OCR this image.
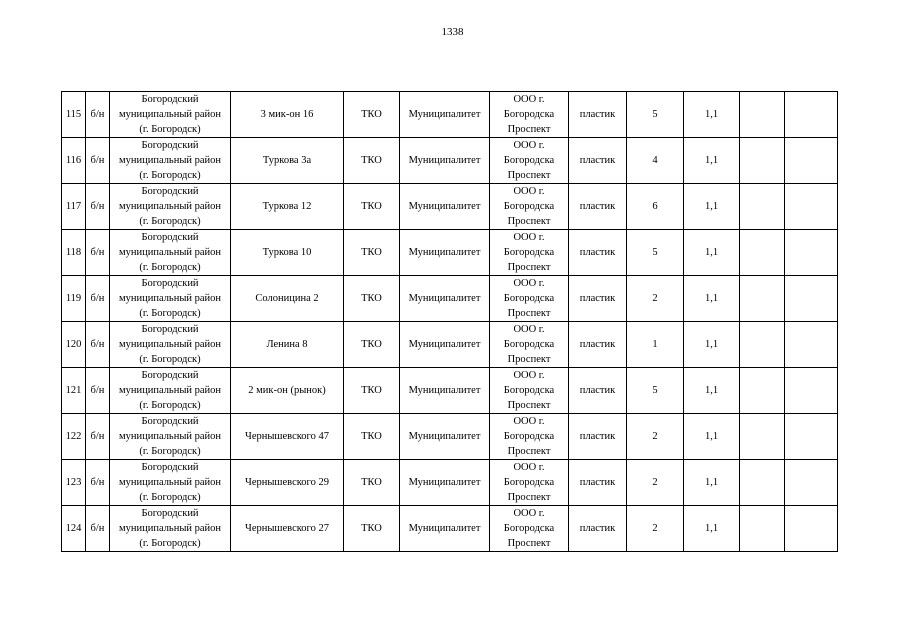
1338
115	б/н	Богородский
муниципальный район
(г. Богородск)	3 мик-он 16	ТКО	Муниципалитет	ООО г.
Богородска
Проспект	пластик	5	1,1		
116	б/н	Богородский
муниципальный район
(г. Богородск)	Туркова 3а	ТКО	Муниципалитет	ООО г.
Богородска
Проспект	пластик	4	1,1		
117	б/н	Богородский
муниципальный район
(г. Богородск)	Туркова 12	ТКО	Муниципалитет	ООО г.
Богородска
Проспект	пластик	6	1,1		
118	б/н	Богородский
муниципальный район
(г. Богородск)	Туркова 10	ТКО	Муниципалитет	ООО г.
Богородска
Проспект	пластик	5	1,1		
119	б/н	Богородский
муниципальный район
(г. Богородск)	Солоницина 2	ТКО	Муниципалитет	ООО г.
Богородска
Проспект	пластик	2	1,1		
120	б/н	Богородский
муниципальный район
(г. Богородск)	Ленина 8	ТКО	Муниципалитет	ООО г.
Богородска
Проспект	пластик	1	1,1		
121	б/н	Богородский
муниципальный район
(г. Богородск)	2 мик-он (рынок)	ТКО	Муниципалитет	ООО г.
Богородска
Проспект	пластик	5	1,1		
122	б/н	Богородский
муниципальный район
(г. Богородск)	Чернышевского 47	ТКО	Муниципалитет	ООО г.
Богородска
Проспект	пластик	2	1,1		
123	б/н	Богородский
муниципальный район
(г. Богородск)	Чернышевского 29	ТКО	Муниципалитет	ООО г.
Богородска
Проспект	пластик	2	1,1		
124	б/н	Богородский
муниципальный район
(г. Богородск)	Чернышевского 27	ТКО	Муниципалитет	ООО г.
Богородска
Проспект	пластик	2	1,1		
